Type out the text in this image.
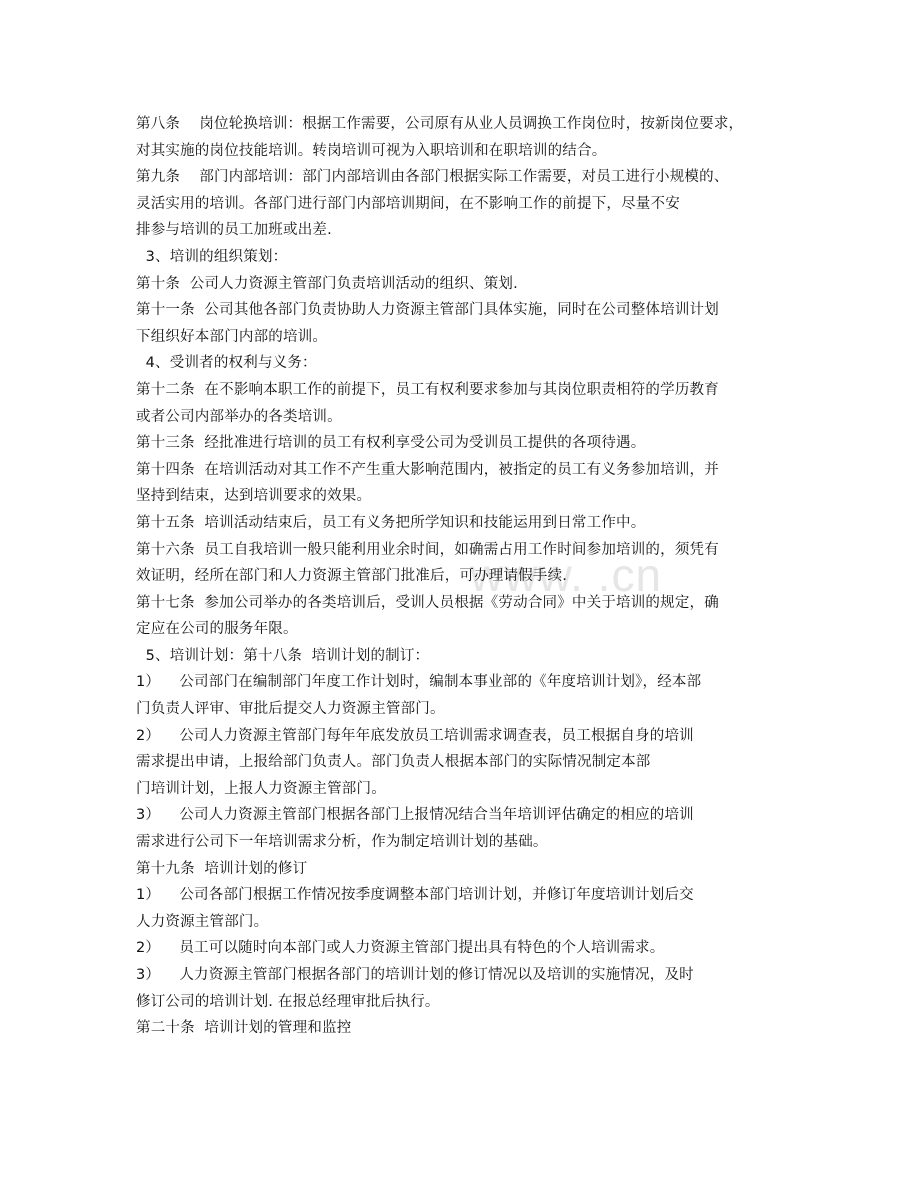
www. .cn
第八条    岗位轮换培训：根据工作需要，公司原有从业人员调换工作岗位时，按新岗位要求，
对其实施的岗位技能培训。转岗培训可视为入职培训和在职培训的结合。
第九条    部门内部培训：部门内部培训由各部门根据实际工作需要，对员工进行小规模的、
灵活实用的培训。各部门进行部门内部培训期间，在不影响工作的前提下，尽量不安
排参与培训的员工加班或出差.
3、培训的组织策划：
第十条  公司人力资源主管部门负责培训活动的组织、策划.
第十一条  公司其他各部门负责协助人力资源主管部门具体实施，同时在公司整体培训计划
下组织好本部门内部的培训。
4、受训者的权利与义务：
第十二条  在不影响本职工作的前提下，员工有权利要求参加与其岗位职责相符的学历教育
或者公司内部举办的各类培训。
第十三条  经批准进行培训的员工有权利享受公司为受训员工提供的各项待遇。
第十四条  在培训活动对其工作不产生重大影响范围内，被指定的员工有义务参加培训，并
坚持到结束，达到培训要求的效果。
第十五条  培训活动结束后，员工有义务把所学知识和技能运用到日常工作中。
第十六条  员工自我培训一般只能利用业余时间，如确需占用工作时间参加培训的，须凭有
效证明，经所在部门和人力资源主管部门批准后，可办理请假手续.
第十七条  参加公司举办的各类培训后，受训人员根据《劳动合同》中关于培训的规定，确
定应在公司的服务年限。
5、培训计划：第十八条  培训计划的制订：
1）    公司部门在编制部门年度工作计划时，编制本事业部的《年度培训计划》，经本部
门负责人评审、审批后提交人力资源主管部门。
2）    公司人力资源主管部门每年年底发放员工培训需求调查表，员工根据自身的培训
需求提出申请，上报给部门负责人。部门负责人根据本部门的实际情况制定本部
门培训计划，上报人力资源主管部门。
3）    公司人力资源主管部门根据各部门上报情况结合当年培训评估确定的相应的培训
需求进行公司下一年培训需求分析，作为制定培训计划的基础。
第十九条  培训计划的修订
1）    公司各部门根据工作情况按季度调整本部门培训计划，并修订年度培训计划后交
人力资源主管部门。
2）    员工可以随时向本部门或人力资源主管部门提出具有特色的个人培训需求。
3）    人力资源主管部门根据各部门的培训计划的修订情况以及培训的实施情况，及时
修订公司的培训计划. 在报总经理审批后执行。
第二十条  培训计划的管理和监控
